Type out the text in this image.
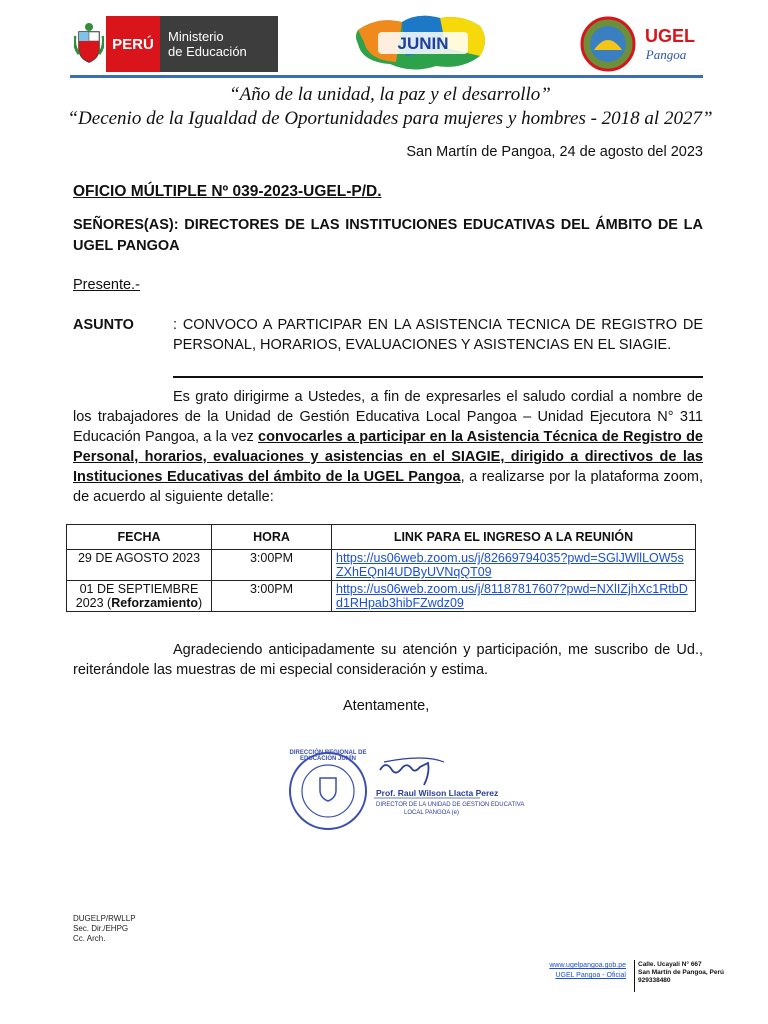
PERÚ	Ministerio
de Educación	JUNIN	UGEL
Pangoa
“Año de la unidad, la paz y el desarrollo”
“Decenio de la Igualdad de Oportunidades para mujeres y hombres - 2018 al 2027”
San Martín de Pangoa, 24 de agosto del 2023
OFICIO MÚLTIPLE Nº 039-2023-UGEL-P/D.
SEÑORES(AS): DIRECTORES DE LAS INSTITUCIONES EDUCATIVAS DEL ÁMBITO DE LA UGEL PANGOA
Presente.-
ASUNTO	: CONVOCO A PARTICIPAR EN LA ASISTENCIA TECNICA DE REGISTRO DE PERSONAL, HORARIOS, EVALUACIONES Y ASISTENCIAS EN EL SIAGIE.
Es grato dirigirme a Ustedes, a fin de expresarles el saludo cordial a nombre de los trabajadores de la Unidad de Gestión Educativa Local Pangoa – Unidad Ejecutora N° 311 Educación Pangoa, a la vez convocarles a participar en la Asistencia Técnica de Registro de Personal, horarios, evaluaciones y asistencias en el SIAGIE, dirigido a directivos de las Instituciones Educativas del ámbito de la UGEL Pangoa, a realizarse por la plataforma zoom, de acuerdo al siguiente detalle:
FECHA	HORA	LINK PARA EL INGRESO A LA REUNIÓN
29 DE AGOSTO 2023	3:00PM	https://us06web.zoom.us/j/82669794035?pwd=SGlJWllLOW5sZXhEQnI4UDByUVNqQT09
01 DE SEPTIEMBRE 2023 (Reforzamiento)	3:00PM	https://us06web.zoom.us/j/81187817607?pwd=NXlIZjhXc1RtbDd1RHpab3hibFZwdz09
Agradeciendo anticipadamente su atención y participación, me suscribo de Ud., reiterándole las muestras de mi especial consideración y estima.
Atentamente,
DIRECCIÓN REGIONAL DE EDUCACIÓN JUNÍN
Prof. Raul Wilson Llacta Perez
DIRECTOR DE LA UNIDAD DE GESTION EDUCATIVA
LOCAL PANGOA (e)
DUGELP/RWLLP
Sec. Dir./EHPG
Cc. Arch.
www.ugelpangoa.gob.pe
UGEL Pangoa - Oficial
Calle. Ucayali N° 667
San Martín de Pangoa, Perú
929338480
